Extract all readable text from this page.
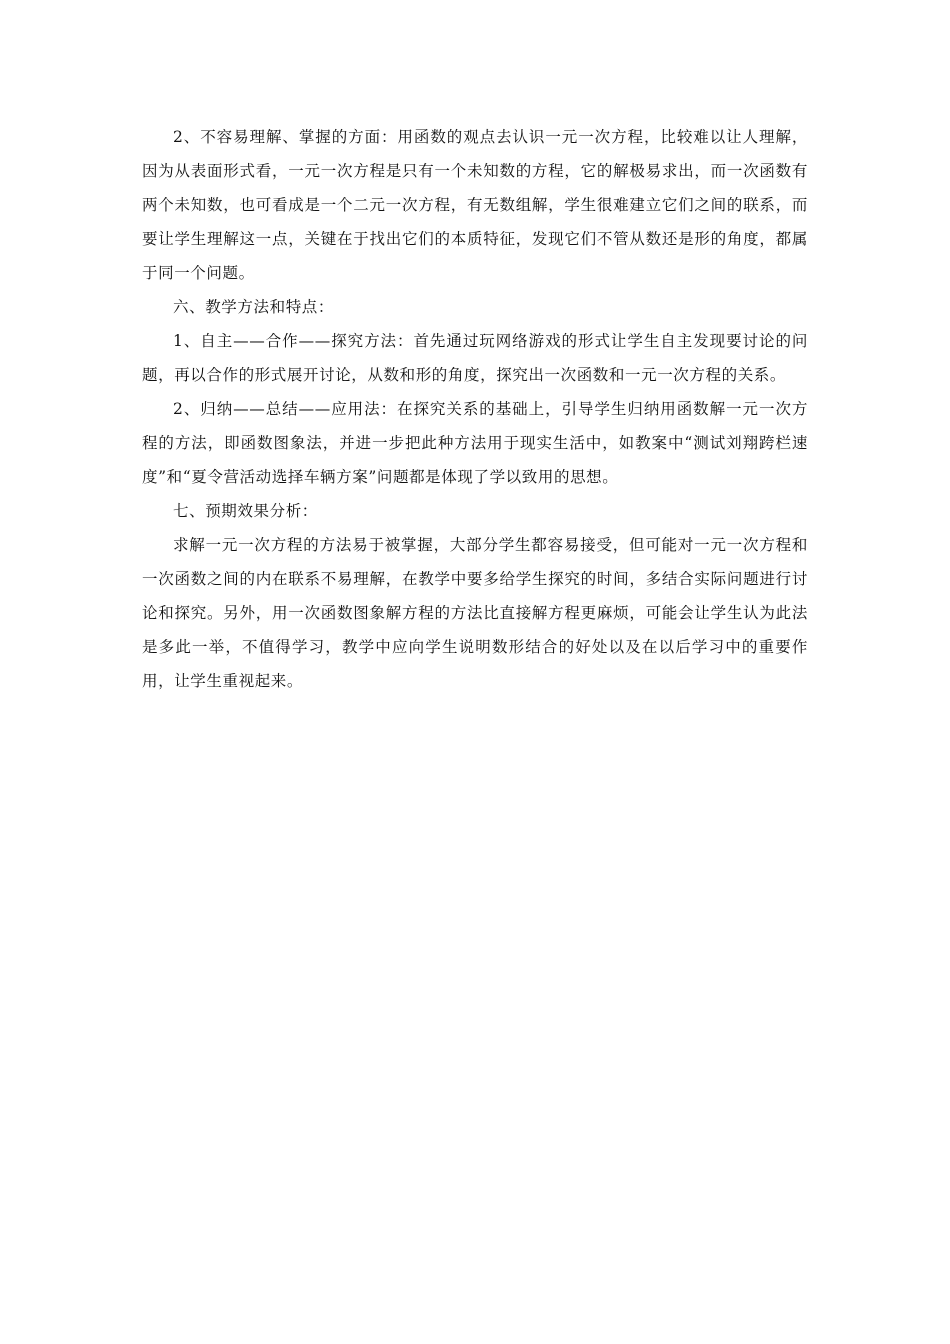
2、不容易理解、掌握的方面：用函数的观点去认识一元一次方程，比较难以让人理解，因为从表面形式看，一元一次方程是只有一个未知数的方程，它的解极易求出，而一次函数有两个未知数，也可看成是一个二元一次方程，有无数组解，学生很难建立它们之间的联系，而要让学生理解这一点，关键在于找出它们的本质特征，发现它们不管从数还是形的角度，都属于同一个问题。

六、教学方法和特点：

1、自主——合作——探究方法：首先通过玩网络游戏的形式让学生自主发现要讨论的问题，再以合作的形式展开讨论，从数和形的角度，探究出一次函数和一元一次方程的关系。

2、归纳——总结——应用法：在探究关系的基础上，引导学生归纳用函数解一元一次方程的方法，即函数图象法，并进一步把此种方法用于现实生活中，如教案中“测试刘翔跨栏速度”和“夏令营活动选择车辆方案”问题都是体现了学以致用的思想。

七、预期效果分析：

求解一元一次方程的方法易于被掌握，大部分学生都容易接受，但可能对一元一次方程和一次函数之间的内在联系不易理解，在教学中要多给学生探究的时间，多结合实际问题进行讨论和探究。另外，用一次函数图象解方程的方法比直接解方程更麻烦，可能会让学生认为此法是多此一举，不值得学习，教学中应向学生说明数形结合的好处以及在以后学习中的重要作用，让学生重视起来。
